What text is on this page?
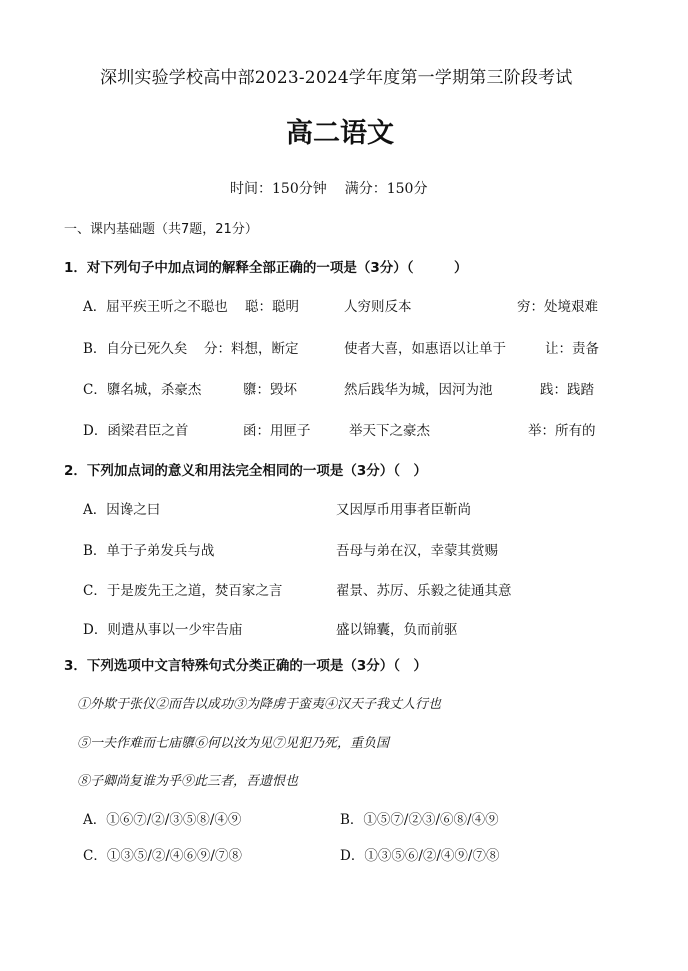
深圳实验学校高中部2023-2024学年度第一学期第三阶段考试
高二语文
时间：150分钟 满分：150分
一、课内基础题（共7题，21分）
1．对下列句子中加点词的解释全部正确的一项是（3分）（　　　）
A．屈平疾王听之不聪也 聪：聪明	人穷则反本	穷：处境艰难
B．自分已死久矣 分：料想，断定	使者大喜，如惠语以让单于	让：责备
C．隳名城，杀豪杰	隳：毁坏	然后践华为城，因河为池	践：践踏
D．函梁君臣之首	函：用匣子	举天下之豪杰	举：所有的
2．下列加点词的意义和用法完全相同的一项是（3分）（　）
A．因谗之曰	又因厚币用事者臣靳尚
B．单于子弟发兵与战	吾母与弟在汉，幸蒙其赏赐
C．于是废先王之道，焚百家之言	翟景、苏厉、乐毅之徒通其意
D．则遣从事以一少牢告庙	盛以锦囊，负而前驱
3．下列选项中文言特殊句式分类正确的一项是（3分）（　）
①外欺于张仪②而告以成功③为降虏于蛮夷④汉天子我丈人行也
⑤一夫作难而七庙隳⑥何以汝为见⑦见犯乃死，重负国
⑧子卿尚复谁为乎⑨此三者，吾遗恨也
A．①⑥⑦/②/③⑤⑧/④⑨	B．①⑤⑦/②③/⑥⑧/④⑨
C．①③⑤/②/④⑥⑨/⑦⑧	D．①③⑤⑥/②/④⑨/⑦⑧
